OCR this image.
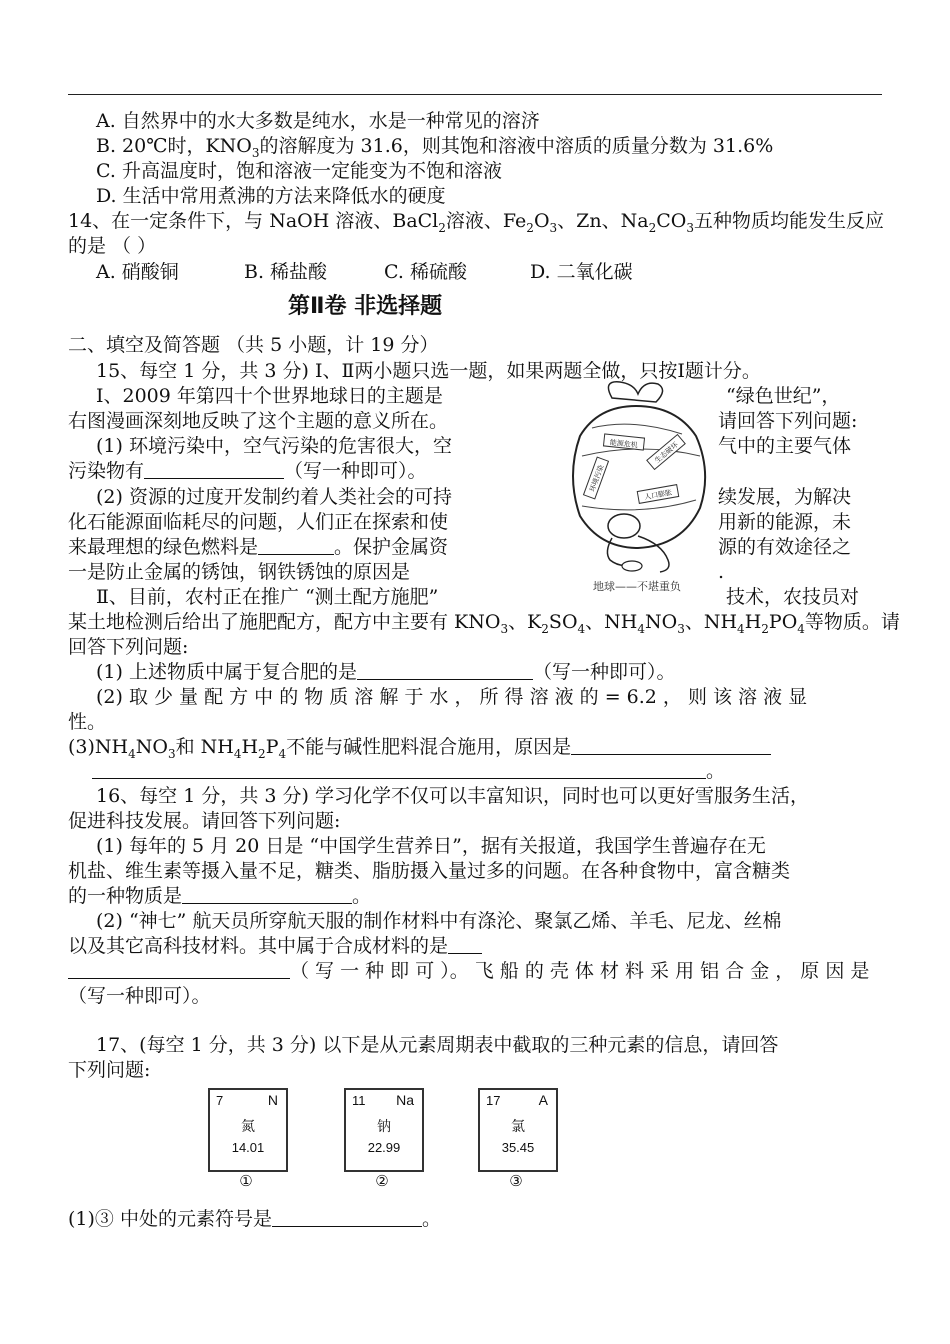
A. 自然界中的水大多数是纯水，水是一种常见的溶济
B. 20℃时，$KNO_3$的溶解度为 31.6，则其饱和溶液中溶质的质量分数为 31.6%
C. 升高温度时，饱和溶液一定能变为不饱和溶液
D. 生活中常用煮沸的方法来降低水的硬度
14、在一定条件下，与 NaOH 溶液、BaCl$_2$溶液、$Fe_2O_3$、Zn、$Na_2CO_3$五种物质均能发生反应
的是 （ ）
A. 硝酸铜	B. 稀盐酸	C. 稀硫酸	D. 二氧化碳
第Ⅱ卷 非选择题
二、填空及简答题 （共 5 小题，计 19 分）
15、每空 1 分，共 3 分) Ⅰ、Ⅱ两小题只选一题，如果两题全做，只按Ⅰ题计分。
Ⅰ、2009 年第四十个世界地球日的主题是	“绿色世纪”，
右图漫画深刻地反映了这个主题的意义所在。	请回答下列问题:
(1) 环境污染中，空气污染的危害很大，空	气中的主要气体
污染物有	（写一种即可）。
(2) 资源的过度开发制约着人类社会的可持	续发展，为解决
化石能源面临耗尽的问题，人们正在探索和使	用新的能源，未
来最理想的绿色燃料是	。保护金属资	源的有效途径之
一是防止金属的锈蚀，钢铁锈蚀的原因是	.
Ⅱ、目前，农村正在推广 “测土配方施肥”	技术，农技员对
某土地检测后给出了施肥配方，配方中主要有 $KNO_3$、$K_2SO_4$、$NH_4NO_3$、$NH_4H_2PO_4$等物质。请
回答下列问题:
(1) 上述物质中属于复合肥的是	（写一种即可）。
(2) 取 少 量 配 方 中 的 物 质 溶 解 于 水 ， 所 得 溶 液 的 = 6.2 ， 则 该 溶 液 显
性。
$(3)NH_4NO_3$和 $NH_4H_2P_4$不能与碱性肥料混合施用，原因是
。
能源危机 生态破坏
环境污染
人口膨胀
地球——不堪重负
16、每空 1 分，共 3 分) 学习化学不仅可以丰富知识，同时也可以更好雪服务生活，
促进科技发展。请回答下列问题:
(1) 每年的 5 月 20 日是 “中国学生营养日”，据有关报道，我国学生普遍存在无
机盐、维生素等摄入量不足，糖类、脂肪摄入量过多的问题。在各种食物中，富含糖类
的一种物质是	。
(2) “神七” 航天员所穿航天服的制作材料中有涤沦、聚氯乙烯、羊毛、尼龙、丝棉
以及其它高科技材料。其中属于合成材料的是
（ 写 一 种 即 可 ）。 飞 船 的 壳 体 材 料 采 用 铝 合 金 ， 原 因 是
（写一种即可）。
17、(每空 1 分，共 3 分) 以下是从元素周期表中截取的三种元素的信息，请回答
下列问题:
7	N
氮
14.01
①
11 Na
钠
22.99
②
17	A
氯
35.45
③
(1)③ 中处的元素符号是	。
